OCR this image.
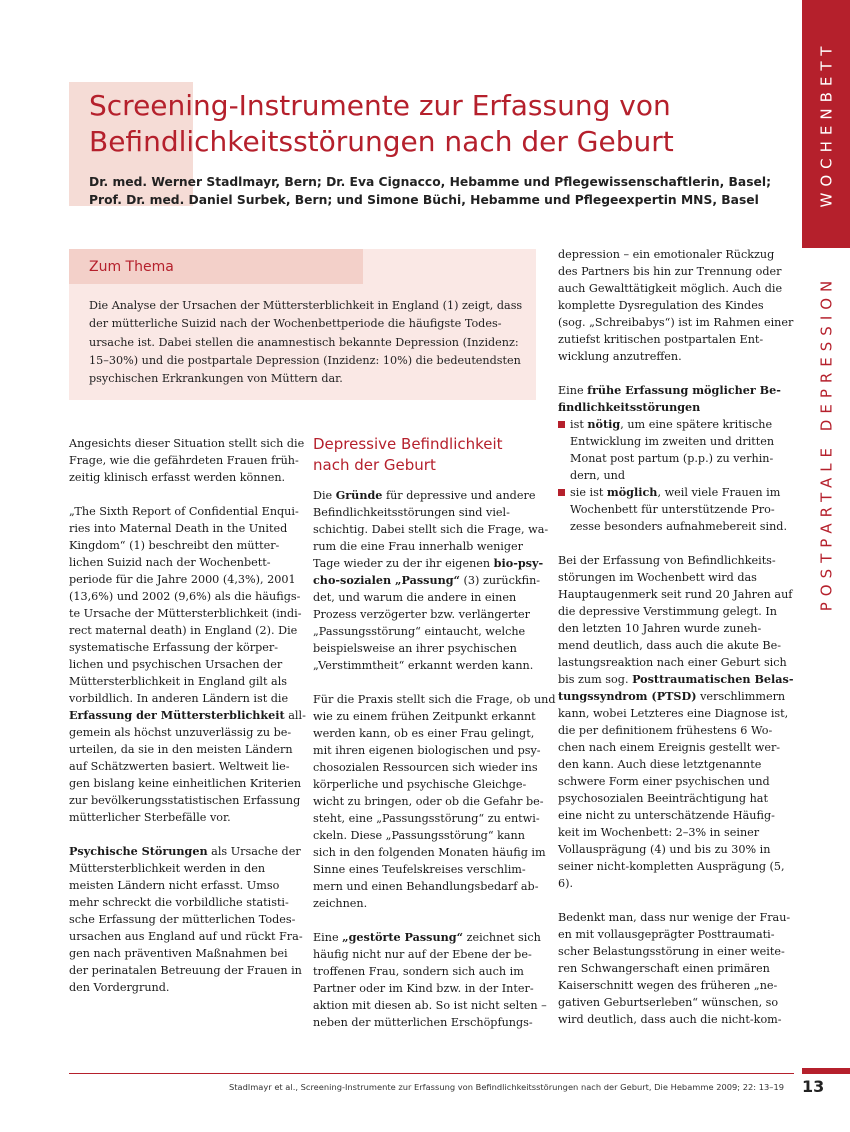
WOCHENBETT
POSTPARTALE DEPRESSION
Screening-Instrumente zur Erfassung von
Befindlichkeitsstörungen nach der Geburt
Dr. med. Werner Stadlmayr, Bern; Dr. Eva Cignacco, Hebamme und Pflegewissenschaftlerin, Basel;
Prof. Dr. med. Daniel Surbek, Bern; und Simone Büchi, Hebamme und Pflegeexpertin MNS, Basel
Zum Thema
Die Analyse der Ursachen der Müttersterblichkeit in England (1) zeigt, dass
der mütterliche Suizid nach der Wochenbettperiode die häufigste Todes-
ursache ist. Dabei stellen die anamnestisch bekannte Depression (Inzidenz:
15–30%) und die postpartale Depression (Inzidenz: 10%) die bedeutendsten
psychischen Erkrankungen von Müttern dar.

Angesichts dieser Situation stellt sich die
Frage, wie die gefährdeten Frauen früh-
zeitig klinisch erfasst werden können.

„The Sixth Report of Confidential Enqui-
ries into Maternal Death in the United
Kingdom“ (1) beschreibt den mütter-
lichen Suizid nach der Wochenbett-
periode für die Jahre 2000 (4,3%), 2001
(13,6%) und 2002 (9,6%) als die häufigs-
te Ursache der Müttersterblichkeit (indi-
rect maternal death) in England (2). Die
systematische Erfassung der körper-
lichen und psychischen Ursachen der
Müttersterblichkeit in England gilt als
vorbildlich. In anderen Ländern ist die
Erfassung der Müttersterblichkeit all-
gemein als höchst unzuverlässig zu be-
urteilen, da sie in den meisten Ländern
auf Schätzwerten basiert. Weltweit lie-
gen bislang keine einheitlichen Kriterien
zur bevölkerungsstatistischen Erfassung
mütterlicher Sterbefälle vor.

Psychische Störungen als Ursache der
Müttersterblichkeit werden in den
meisten Ländern nicht erfasst. Umso
mehr schreckt die vorbildliche statisti-
sche Erfassung der mütterlichen Todes-
ursachen aus England auf und rückt Fra-
gen nach präventiven Maßnahmen bei
der perinatalen Betreuung der Frauen in
den Vordergrund.

Depressive Befindlichkeit
nach der Geburt

Die Gründe für depressive und andere
Befindlichkeitsstörungen sind viel-
schichtig. Dabei stellt sich die Frage, wa-
rum die eine Frau innerhalb weniger
Tage wieder zu der ihr eigenen bio-psy-
cho-sozialen „Passung“ (3) zurückfin-
det, und warum die andere in einen
Prozess verzögerter bzw. verlängerter
„Passungsstörung“ eintaucht, welche
beispielsweise an ihrer psychischen
„Verstimmtheit“ erkannt werden kann.

Für die Praxis stellt sich die Frage, ob und
wie zu einem frühen Zeitpunkt erkannt
werden kann, ob es einer Frau gelingt,
mit ihren eigenen biologischen und psy-
chosozialen Ressourcen sich wieder ins
körperliche und psychische Gleichge-
wicht zu bringen, oder ob die Gefahr be-
steht, eine „Passungsstörung“ zu entwi-
ckeln. Diese „Passungsstörung“ kann
sich in den folgenden Monaten häufig im
Sinne eines Teufelskreises verschlim-
mern und einen Behandlungsbedarf ab-
zeichnen.

Eine „gestörte Passung“ zeichnet sich
häufig nicht nur auf der Ebene der be-
troffenen Frau, sondern sich auch im
Partner oder im Kind bzw. in der Inter-
aktion mit diesen ab. So ist nicht selten –
neben der mütterlichen Erschöpfungs-

depression – ein emotionaler Rückzug
des Partners bis hin zur Trennung oder
auch Gewalttätigkeit möglich. Auch die
komplette Dysregulation des Kindes
(sog. „Schreibabys“) ist im Rahmen einer
zutiefst kritischen postpartalen Ent-
wicklung anzutreffen.

Eine frühe Erfassung möglicher Be-
findlichkeitsstörungen

ist nötig, um eine spätere kritische
Entwicklung im zweiten und dritten
Monat post partum (p.p.) zu verhin-
dern, und
sie ist möglich, weil viele Frauen im
Wochenbett für unterstützende Pro-
zesse besonders aufnahmebereit sind.

Bei der Erfassung von Befindlichkeits-
störungen im Wochenbett wird das
Hauptaugenmerk seit rund 20 Jahren auf
die depressive Verstimmung gelegt. In
den letzten 10 Jahren wurde zuneh-
mend deutlich, dass auch die akute Be-
lastungsreaktion nach einer Geburt sich
bis zum sog. Posttraumatischen Belas-
tungssyndrom (PTSD) verschlimmern
kann, wobei Letzteres eine Diagnose ist,
die per definitionem frühestens 6 Wo-
chen nach einem Ereignis gestellt wer-
den kann. Auch diese letztgenannte
schwere Form einer psychischen und
psychosozialen Beeinträchtigung hat
eine nicht zu unterschätzende Häufig-
keit im Wochenbett: 2–3% in seiner
Vollausprägung (4) und bis zu 30% in
seiner nicht-kompletten Ausprägung (5,
6).

Bedenkt man, dass nur wenige der Frau-
en mit vollausgeprägter Posttraumati-
scher Belastungsstörung in einer weite-
ren Schwangerschaft einen primären
Kaiserschnitt wegen des früheren „ne-
gativen Geburtserleben“ wünschen, so
wird deutlich, dass auch die nicht-kom-

Stadlmayr et al., Screening-Instrumente zur Erfassung von Befindlichkeitsstörungen nach der Geburt, Die Hebamme 2009; 22: 13–19 13
